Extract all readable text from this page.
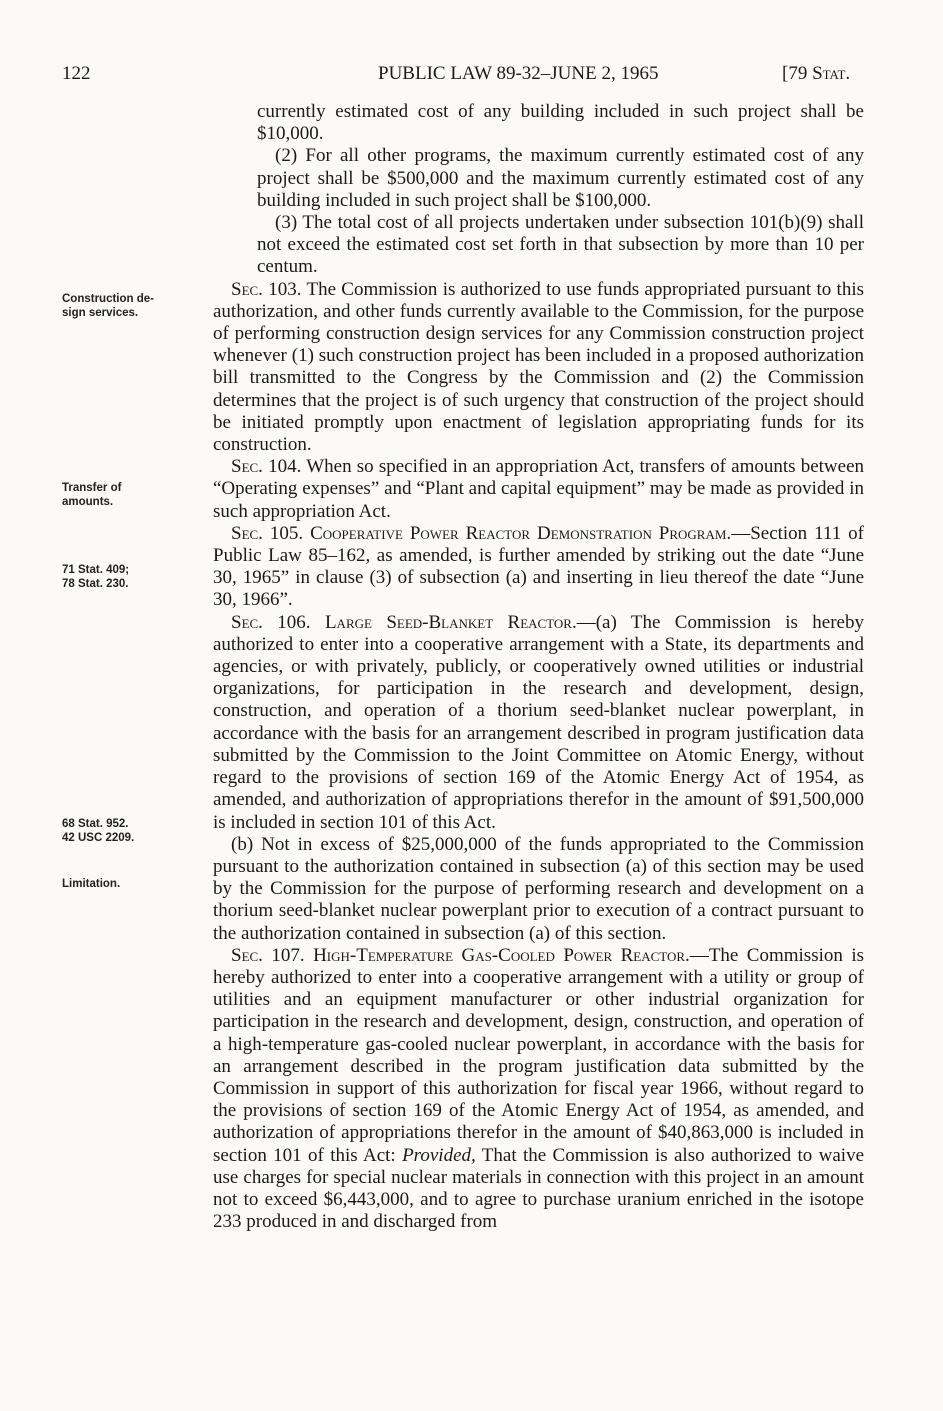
122	PUBLIC LAW 89-32–JUNE 2, 1965	[79 Stat.
Construction de-
sign services.
Transfer of
amounts.
71 Stat. 409;
78 Stat. 230.
68 Stat. 952.
42 USC 2209.
Limitation.

currently estimated cost of any building included in such project shall be $10,000.

(2) For all other programs, the maximum currently estimated cost of any project shall be $500,000 and the maximum currently estimated cost of any building included in such project shall be $100,000.

(3) The total cost of all projects undertaken under subsection 101(b)(9) shall not exceed the estimated cost set forth in that subsection by more than 10 per centum.

Sec. 103. The Commission is authorized to use funds appropriated pursuant to this authorization, and other funds currently available to the Commission, for the purpose of performing construction design services for any Commission construction project whenever (1) such construction project has been included in a proposed authorization bill transmitted to the Congress by the Commission and (2) the Commission determines that the project is of such urgency that construction of the project should be initiated promptly upon enactment of legislation appropriating funds for its construction.

Sec. 104. When so specified in an appropriation Act, transfers of amounts between “Operating expenses” and “Plant and capital equipment” may be made as provided in such appropriation Act.

Sec. 105. Cooperative Power Reactor Demonstration Program.—Section 111 of Public Law 85–162, as amended, is further amended by striking out the date “June 30, 1965” in clause (3) of subsection (a) and inserting in lieu thereof the date “June 30, 1966”.

Sec. 106. Large Seed-Blanket Reactor.—(a) The Commission is hereby authorized to enter into a cooperative arrangement with a State, its departments and agencies, or with privately, publicly, or cooperatively owned utilities or industrial organizations, for participation in the research and development, design, construction, and operation of a thorium seed-blanket nuclear powerplant, in accordance with the basis for an arrangement described in program justification data submitted by the Commission to the Joint Committee on Atomic Energy, without regard to the provisions of section 169 of the Atomic Energy Act of 1954, as amended, and authorization of appropriations therefor in the amount of $91,500,000 is included in section 101 of this Act.

(b) Not in excess of $25,000,000 of the funds appropriated to the Commission pursuant to the authorization contained in subsection (a) of this section may be used by the Commission for the purpose of performing research and development on a thorium seed-blanket nuclear powerplant prior to execution of a contract pursuant to the authorization contained in subsection (a) of this section.

Sec. 107. High-Temperature Gas-Cooled Power Reactor.—The Commission is hereby authorized to enter into a cooperative arrangement with a utility or group of utilities and an equipment manufacturer or other industrial organization for participation in the research and development, design, construction, and operation of a high-temperature gas-cooled nuclear powerplant, in accordance with the basis for an arrangement described in the program justification data submitted by the Commission in support of this authorization for fiscal year 1966, without regard to the provisions of section 169 of the Atomic Energy Act of 1954, as amended, and authorization of appropriations therefor in the amount of $40,863,000 is included in section 101 of this Act: Provided, That the Commission is also authorized to waive use charges for special nuclear materials in connection with this project in an amount not to exceed $6,443,000, and to agree to purchase uranium enriched in the isotope 233 produced in and discharged from
